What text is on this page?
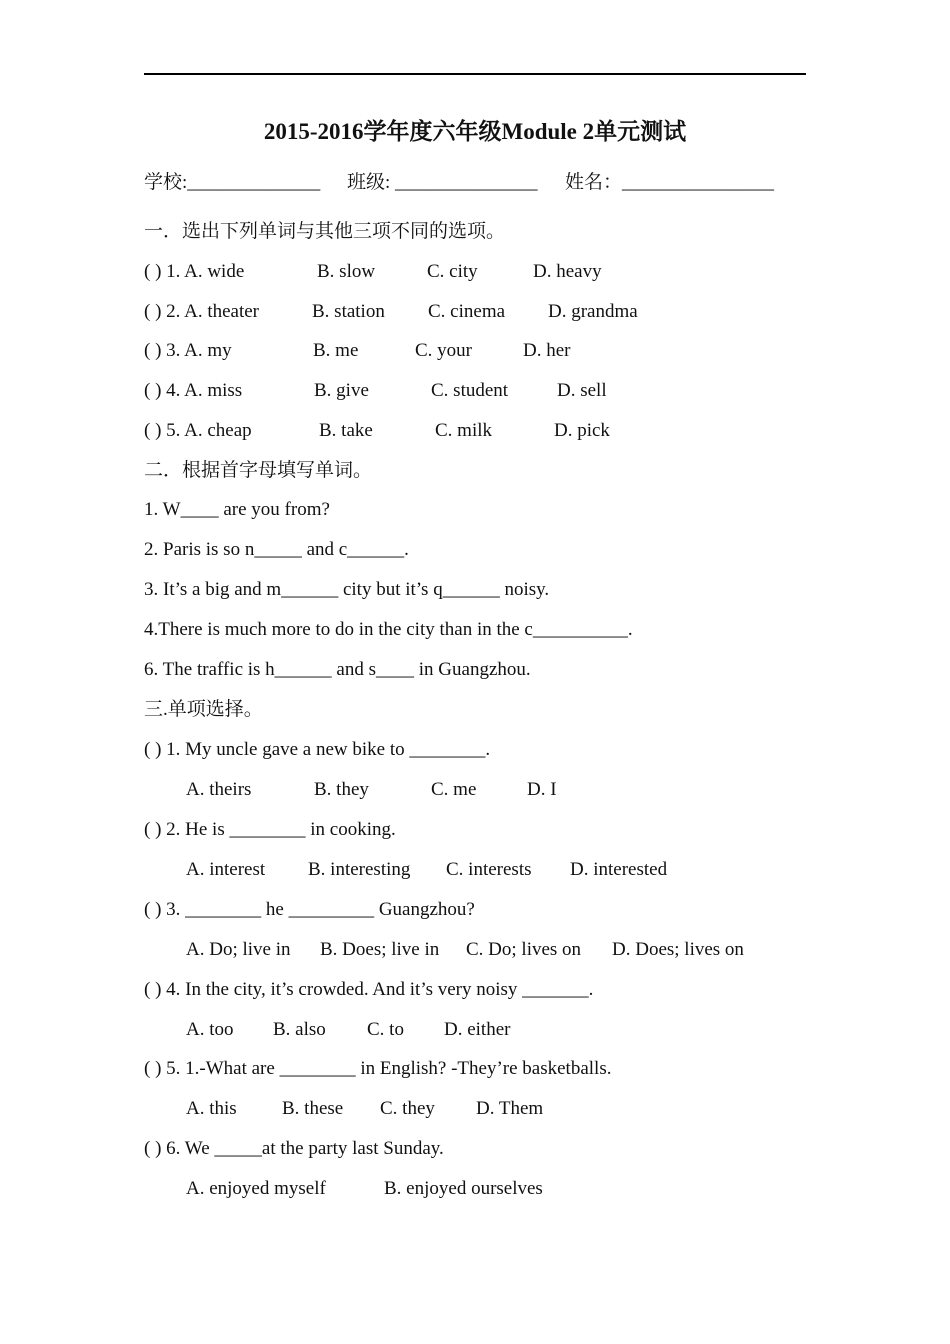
2015-2016学年度六年级Module 2单元测试
学校:______________ 班级: _______________ 姓名：________________
一．选出下列单词与其他三项不同的选项。
( ) 1. A. wide	B. slow	C. city	D. heavy
( ) 2. A. theater	B. station C. cinema D. grandma
( ) 3. A. my	B. me	C. your	D. her
( ) 4. A. miss	B. give	C. student	D. sell
( ) 5. A. cheap	B. take	C. milk	D. pick
二．根据首字母填写单词。
1. W____ are you from?
2. Paris is so n_____ and c______.
3. It’s a big and m______ city but it’s q______ noisy.
4.There is much more to do in the city than in the c__________.
6. The traffic is h______ and s____ in Guangzhou.
三.单项选择。
( ) 1. My uncle gave a new bike to ________.
A. theirs	B. they	C. me	D. I
( ) 2. He is ________ in cooking.
A. interest B. interesting C. interests D. interested
( ) 3. ________ he _________ Guangzhou?
A. Do; live in B. Does; live in C. Do; lives on D. Does; lives on
( ) 4. In the city, it’s crowded. And it’s very noisy _______.
A. too B. also C. to D. either
( ) 5. 1.-What are ________ in English? -They’re basketballs.
A. this B. these C. they D. Them
( ) 6. We _____at the party last Sunday.
A. enjoyed myself	B. enjoyed ourselves
